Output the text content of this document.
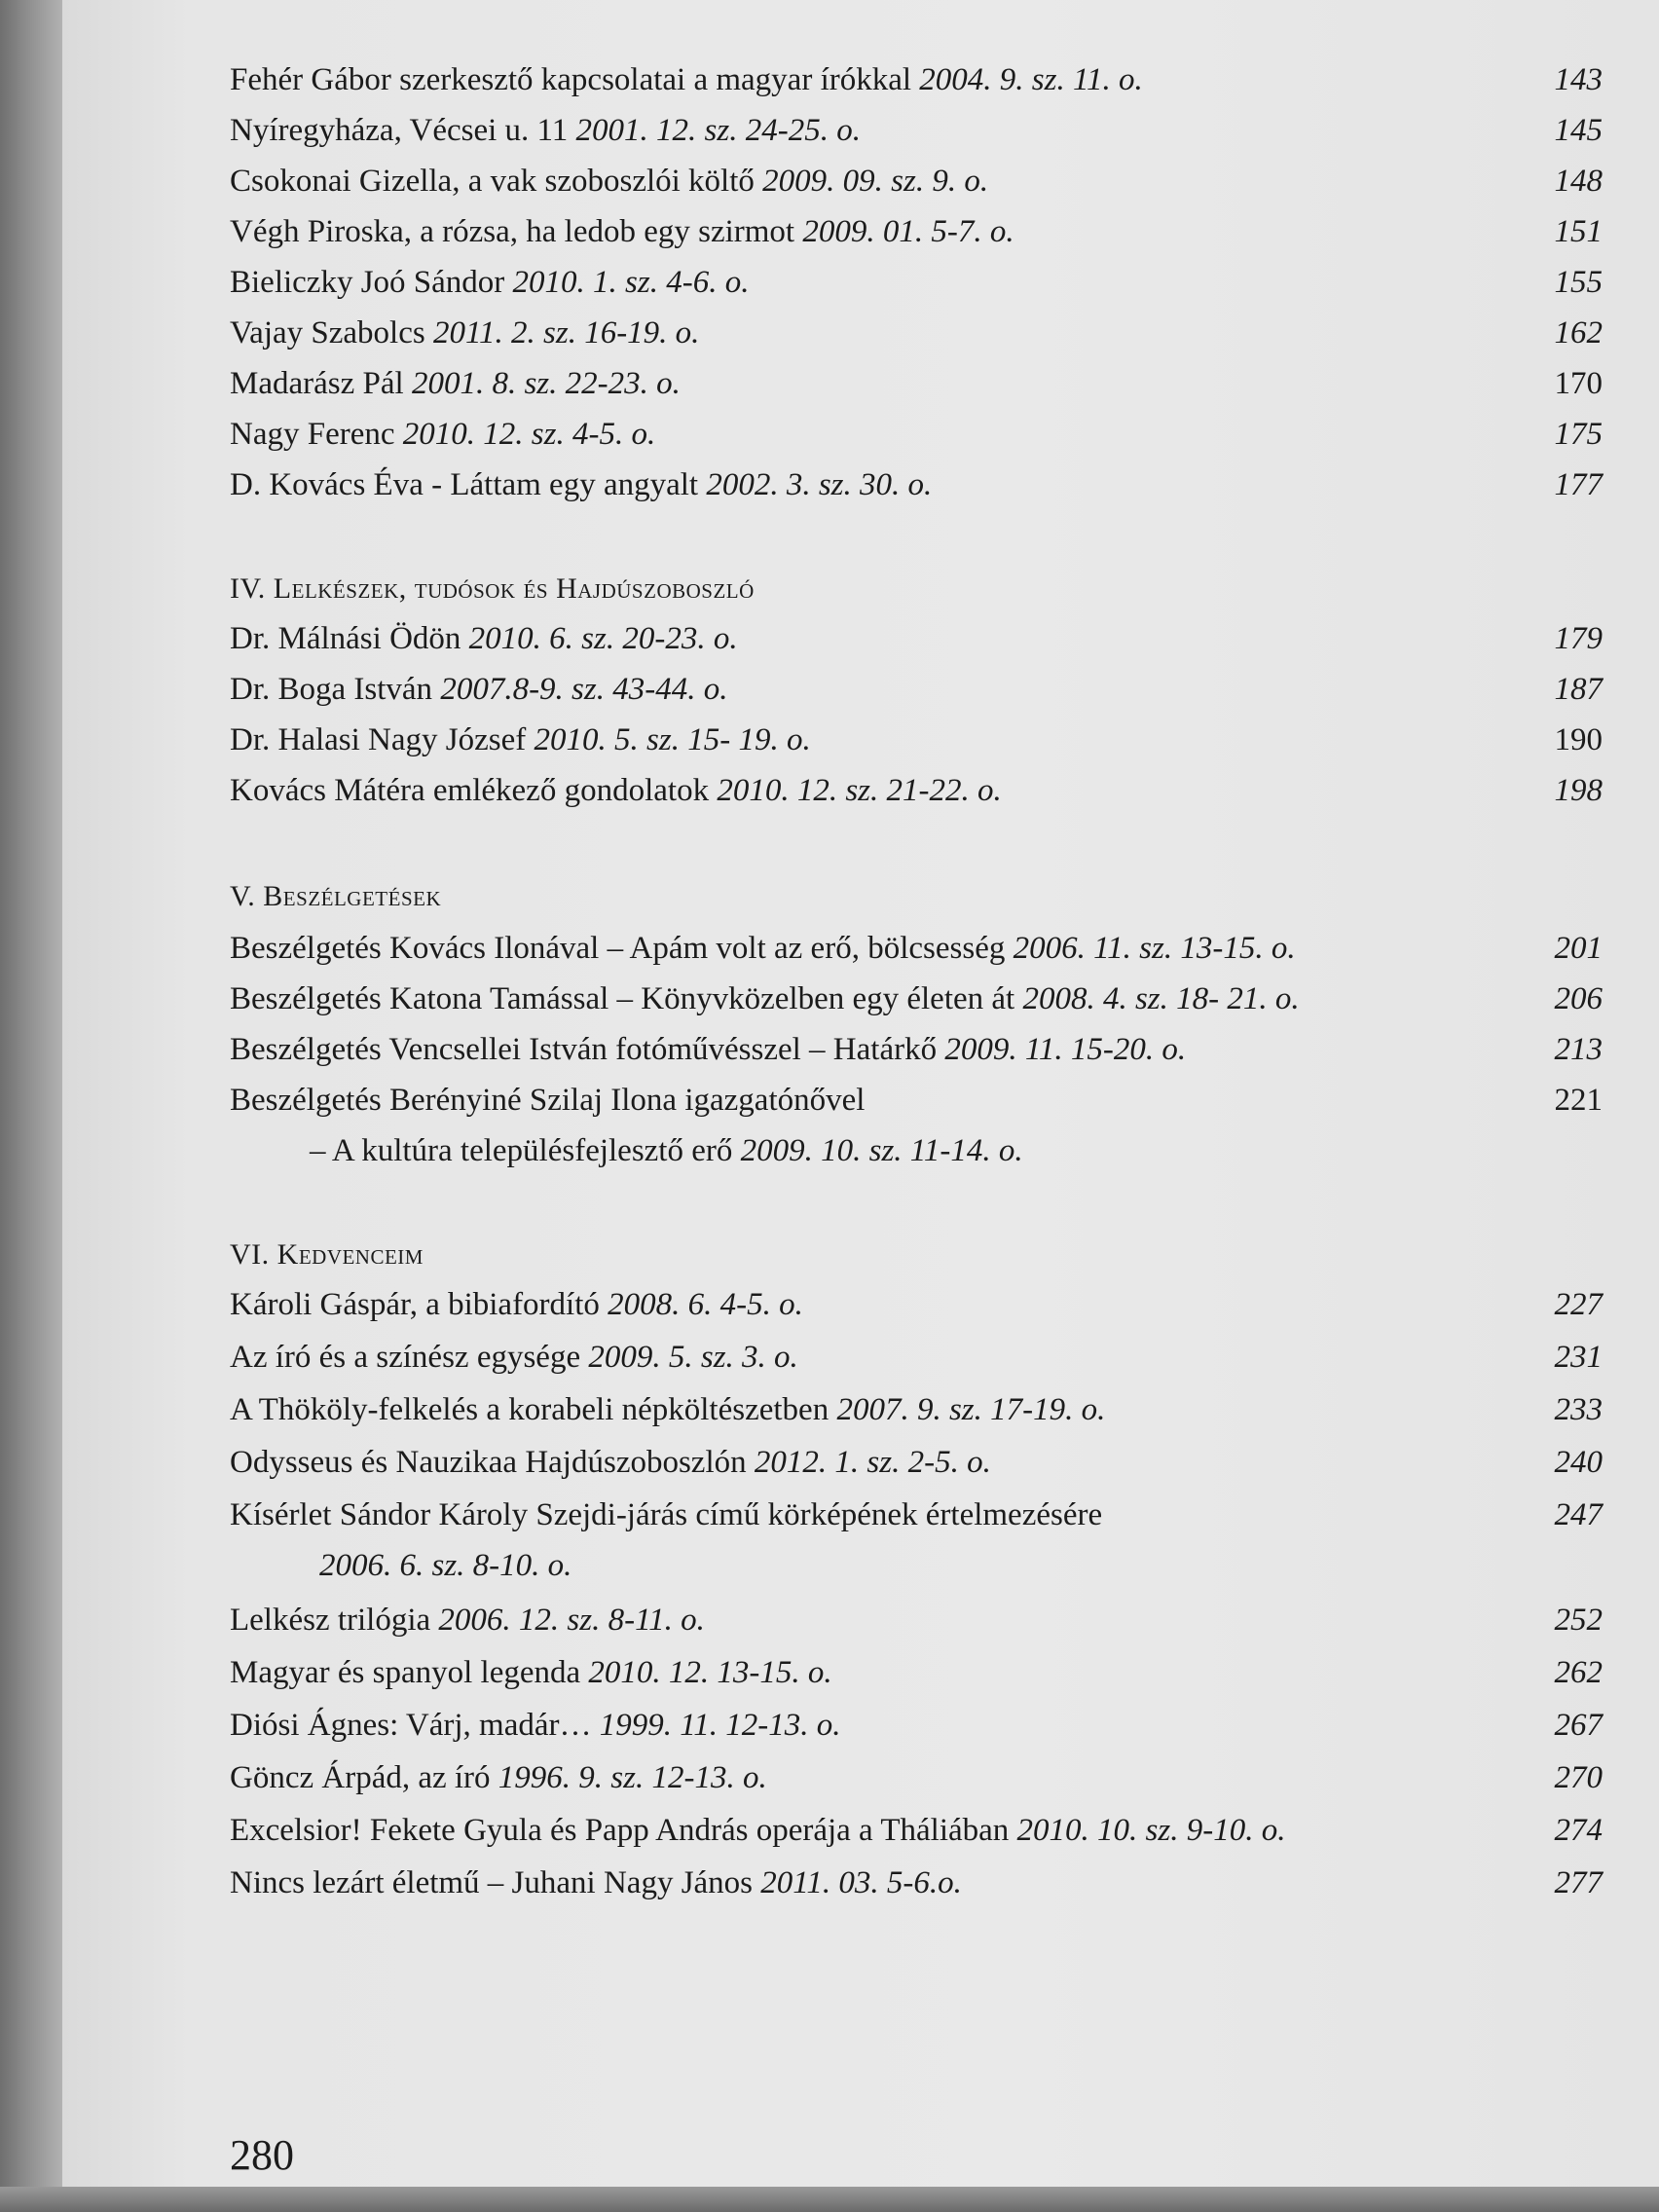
Fehér Gábor szerkesztő kapcsolatai a magyar írókkal 2004. 9. sz. 11. o.	143
Nyíregyháza, Vécsei u. 11 2001. 12. sz. 24-25. o.	145
Csokonai Gizella, a vak szoboszlói költő 2009. 09. sz. 9. o.	148
Végh Piroska, a rózsa, ha ledob egy szirmot 2009. 01. 5-7. o.	151
Bieliczky Joó Sándor 2010. 1. sz. 4-6. o.	155
Vajay Szabolcs 2011. 2. sz. 16-19. o.	162
Madarász Pál 2001. 8. sz. 22-23. o.	170
Nagy Ferenc 2010. 12. sz. 4-5. o.	175
D. Kovács Éva - Láttam egy angyalt 2002. 3. sz. 30. o.	177
IV. Lelkészek, tudósok és Hajdúszoboszló
Dr. Málnási Ödön 2010. 6. sz. 20-23. o.	179
Dr. Boga István 2007.8-9. sz. 43-44. o.	187
Dr. Halasi Nagy József 2010. 5. sz. 15- 19. o.	190
Kovács Mátéra emlékező gondolatok 2010. 12. sz. 21-22. o.	198
V. Beszélgetések
Beszélgetés Kovács Ilonával – Apám volt az erő, bölcsesség 2006. 11. sz. 13-15. o.	201
Beszélgetés Katona Tamással – Könyvközelben egy életen át 2008. 4. sz. 18- 21. o.	206
Beszélgetés Vencsellei István fotóművésszel – Határkő 2009. 11. 15-20. o.	213
Beszélgetés Berényiné Szilaj Ilona igazgatónővel	221
– A kultúra településfejlesztő erő 2009. 10. sz. 11-14. o.
VI. Kedvenceim
Károli Gáspár, a bibiafordító 2008. 6. 4-5. o.	227
Az író és a színész egysége 2009. 5. sz. 3. o.	231
A Thököly-felkelés a korabeli népköltészetben 2007. 9. sz. 17-19. o.	233
Odysseus és Nauzikaa Hajdúszoboszlón 2012. 1. sz. 2-5. o.	240
Kísérlet Sándor Károly Szejdi-járás című körképének értelmezésére	247
2006. 6. sz. 8-10. o.
Lelkész trilógia 2006. 12. sz. 8-11. o.	252
Magyar és spanyol legenda 2010. 12. 13-15. o.	262
Diósi Ágnes: Várj, madár… 1999. 11. 12-13. o.	267
Göncz Árpád, az író 1996. 9. sz. 12-13. o.	270
Excelsior! Fekete Gyula és Papp András operája a Tháliában 2010. 10. sz. 9-10. o.	274
Nincs lezárt életmű – Juhani Nagy János 2011. 03. 5-6.o.	277
280
